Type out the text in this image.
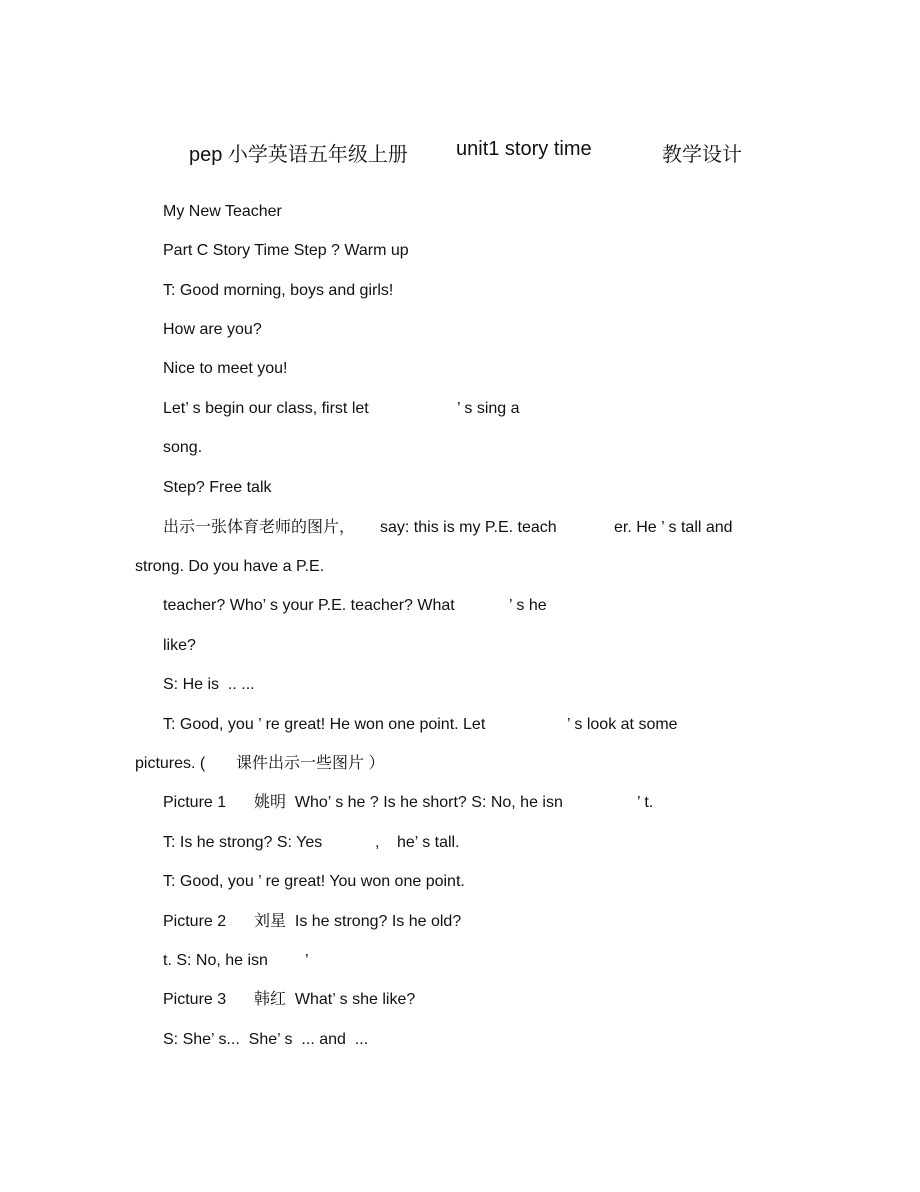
pep 小学英语五年级上册 unit1 story time	教学设计

My New Teacher

Part C Story Time Step ? Warm up

T: Good morning, boys and girls!

How are you?

Nice to meet you!

Let’ s begin our class, first let

	’ s sing a

song.

Step? Free talk

出示一张体育老师的图片，

say: this is my P.E. teach

	er. He ’ s tall and

strong. Do you have a P.E.

teacher? Who’ s your P.E. teacher? What

	’ s he

like?

S: He is  .. ...

T: Good, you ’ re great! He won one point. Let

	’ s look at some

pictures. (

课件出示一些图片 ）

Picture 1

姚明  Who’ s he ? Is he short? S: No, he isn

	’ t.

T: Is he strong? S: Yes

	,

he’ s tall.

T: Good, you ’ re great! You won one point.

Picture 2

刘星  Is he strong? Is he old?

t. S: No, he isn

’

Picture 3

韩红  What’ s she like?

S: She’ s...  She’ s  ... and  ...
